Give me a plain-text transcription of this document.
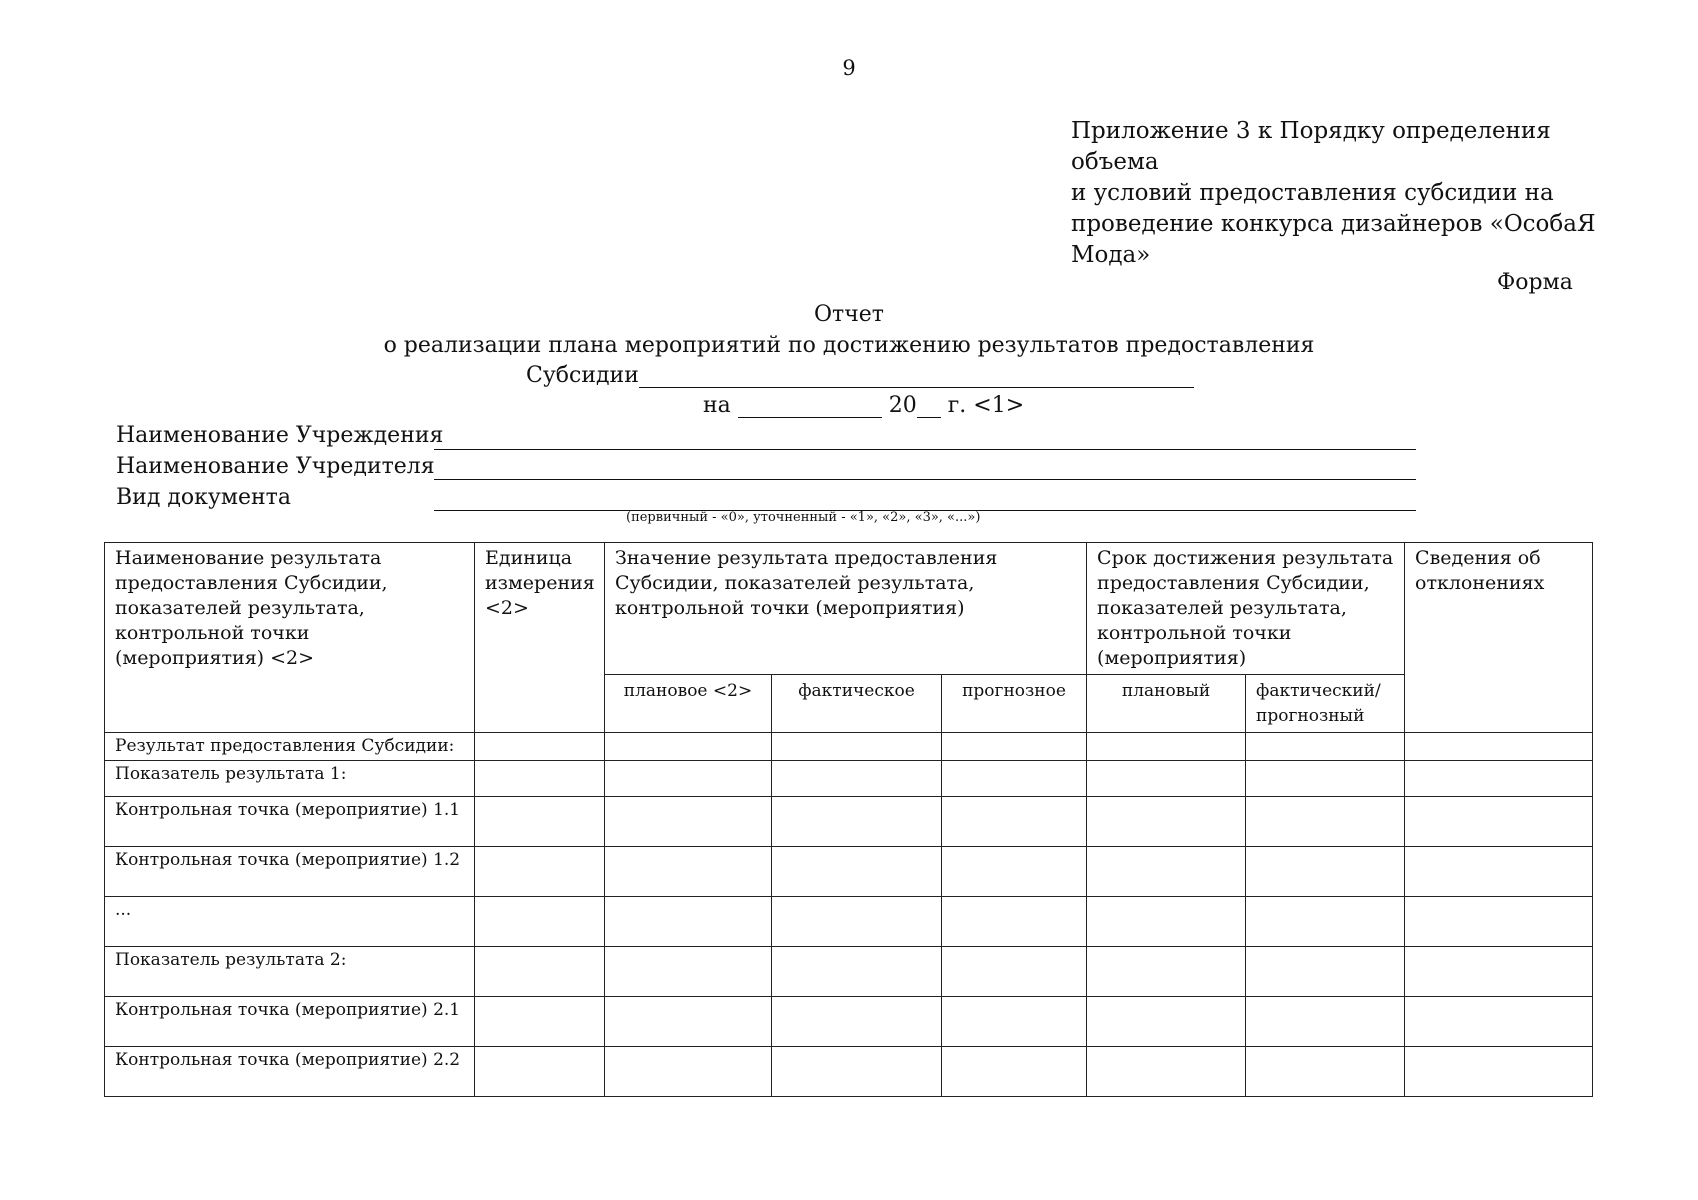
9
Приложение 3 к Порядку определения объема
и условий предоставления субсидии на
проведение конкурса дизайнеров «ОсобаЯ
Мода»
Форма
Отчет
о реализации плана мероприятий по достижению результатов предоставления
Субсидии
на	20 г. <1>
Наименование Учреждения
Наименование Учредителя
Вид документа
(первичный - «0», уточненный - «1», «2», «3», «...»)
Наименование результата предоставления Субсидии, показателей результата, контрольной точки (мероприятия) <2>	Единица измерения <2>	Значение результата предоставления Субсидии, показателей результата, контрольной точки (мероприятия)			Срок достижения результата предоставления Субсидии, показателей результата, контрольной точки (мероприятия)		Сведения об отклонениях
		плановое <2>	фактическое	прогнозное	плановый	фактический/ прогнозный	
Результат предоставления Субсидии:							
Показатель результата 1:							
Контрольная точка (мероприятие) 1.1							
Контрольная точка (мероприятие) 1.2							
...							
Показатель результата 2:							
Контрольная точка (мероприятие) 2.1							
Контрольная точка (мероприятие) 2.2							
